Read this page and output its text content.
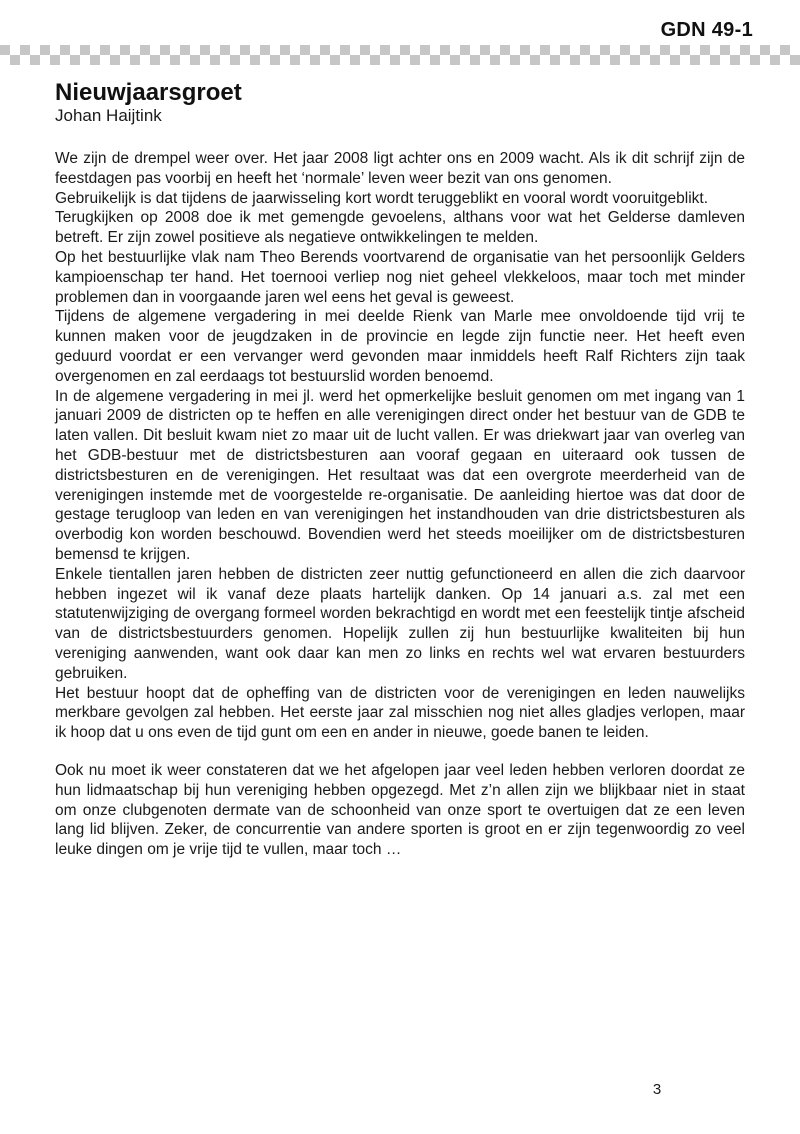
GDN 49-1
Nieuwjaarsgroet
Johan Haijtink

We zijn de drempel weer over. Het jaar 2008 ligt achter ons en 2009 wacht. Als ik dit schrijf zijn de feestdagen pas voorbij en heeft het ‘normale’ leven weer bezit van ons genomen.

Gebruikelijk is dat tijdens de jaarwisseling kort wordt teruggeblikt en vooral wordt vooruitgeblikt.

Terugkijken op 2008 doe ik met gemengde gevoelens, althans voor wat het Gelderse damleven betreft. Er zijn zowel positieve als negatieve ontwikkelingen te melden.

Op het bestuurlijke vlak nam Theo Berends voortvarend de organisatie van het persoonlijk Gelders kampioenschap ter hand. Het toernooi verliep nog niet geheel vlekkeloos, maar toch met minder problemen dan in voorgaande jaren wel eens het geval is geweest.

Tijdens de algemene vergadering in mei deelde Rienk van Marle mee onvoldoende tijd vrij te kunnen maken voor de jeugdzaken in de provincie en legde zijn functie neer. Het heeft even geduurd voordat er een vervanger werd gevonden maar inmiddels heeft Ralf Richters zijn taak overgenomen en zal eerdaags tot bestuurslid worden benoemd.

In de algemene vergadering in mei jl. werd het opmerkelijke besluit genomen om met ingang van 1 januari 2009 de districten op te heffen en alle verenigingen direct onder het bestuur van de GDB te laten vallen. Dit besluit kwam niet zo maar uit de lucht vallen. Er was driekwart jaar van overleg van het GDB-bestuur met de districtsbesturen aan vooraf gegaan en uiteraard ook tussen de districtsbesturen en de verenigingen. Het resultaat was dat een overgrote meerderheid van de verenigingen instemde met de voorgestelde re-organisatie. De aanleiding hiertoe was dat door de gestage terugloop van leden en van verenigingen het instandhouden van drie districtsbesturen als overbodig kon worden beschouwd. Bovendien werd het steeds moeilijker om de districtsbesturen bemensd te krijgen.

Enkele tientallen jaren hebben de districten zeer nuttig gefunctioneerd en allen die zich daarvoor hebben ingezet wil ik vanaf deze plaats hartelijk danken. Op 14 januari a.s. zal met een statutenwijziging de overgang formeel worden bekrachtigd en wordt met een feestelijk tintje afscheid van de districtsbestuurders genomen. Hopelijk zullen zij hun bestuurlijke kwaliteiten bij hun vereniging aanwenden, want ook daar kan men zo links en rechts wel wat ervaren bestuurders gebruiken.

Het bestuur hoopt dat de opheffing van de districten voor de verenigingen en leden nauwelijks merkbare gevolgen zal hebben. Het eerste jaar zal misschien nog niet alles gladjes verlopen, maar ik hoop dat u ons even de tijd gunt om een en ander in nieuwe, goede banen te leiden.

Ook nu moet ik weer constateren dat we het afgelopen jaar veel leden hebben verloren doordat ze hun lidmaatschap bij hun vereniging hebben opgezegd. Met z’n allen zijn we blijkbaar niet in staat om onze clubgenoten dermate van de schoonheid van onze sport te overtuigen dat ze een leven lang lid blijven. Zeker, de concurrentie van andere sporten is groot en er zijn tegenwoordig zo veel leuke dingen om je vrije tijd te vullen, maar toch …

3
